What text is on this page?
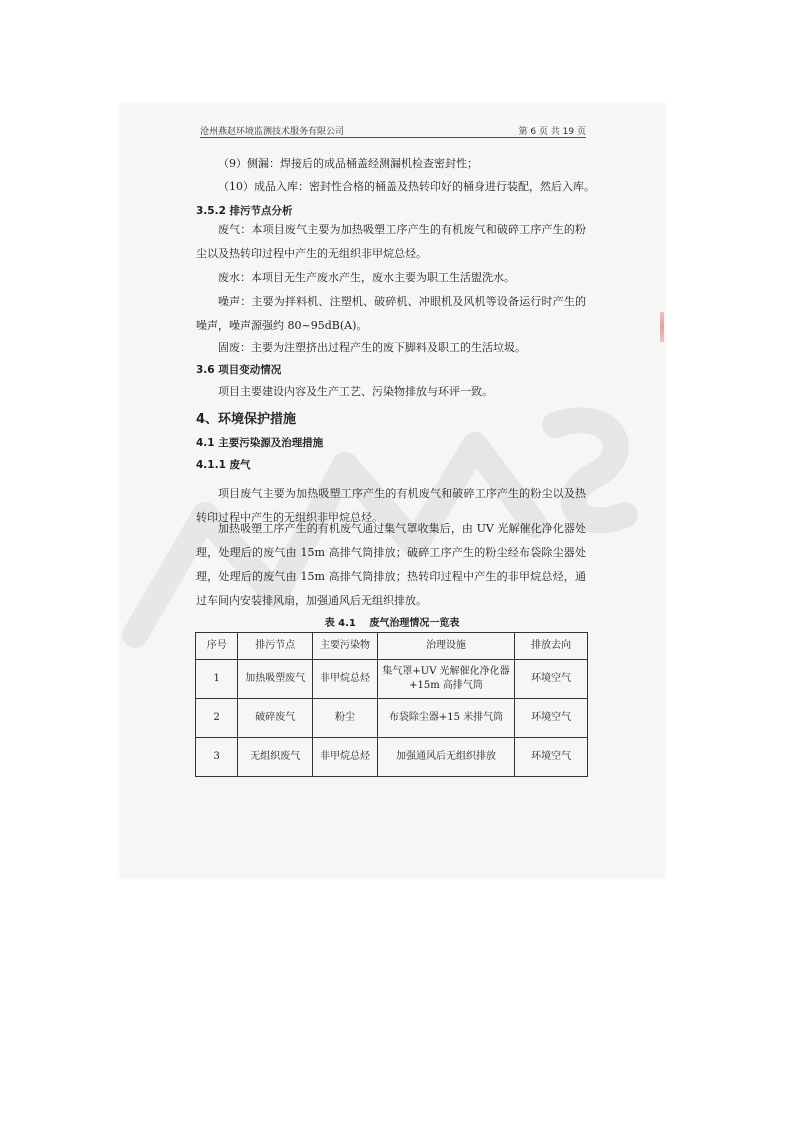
沧州燕赵环境监测技术服务有限公司	第 6 页 共 19 页
（9）侧漏：焊接后的成品桶盖经测漏机检查密封性；
（10）成品入库：密封性合格的桶盖及热转印好的桶身进行装配，然后入库。
3.5.2 排污节点分析
废气：本项目废气主要为加热吸塑工序产生的有机废气和破碎工序产生的粉尘以及热转印过程中产生的无组织非甲烷总烃。
废水：本项目无生产废水产生，废水主要为职工生活盥洗水。
噪声：主要为拌料机、注塑机、破碎机、冲眼机及风机等设备运行时产生的噪声，噪声源强约 80~95dB(A)。
固废：主要为注塑挤出过程产生的废下脚料及职工的生活垃圾。
3.6 项目变动情况
项目主要建设内容及生产工艺、污染物排放与环评一致。
4、环境保护措施
4.1 主要污染源及治理措施
4.1.1 废气
项目废气主要为加热吸塑工序产生的有机废气和破碎工序产生的粉尘以及热转印过程中产生的无组织非甲烷总烃。
加热吸塑工序产生的有机废气通过集气罩收集后，由 UV 光解催化净化器处理，处理后的废气由 15m 高排气筒排放；破碎工序产生的粉尘经布袋除尘器处理，处理后的废气由 15m 高排气筒排放；热转印过程中产生的非甲烷总烃，通过车间内安装排风扇，加强通风后无组织排放。
表 4.1　 废气治理情况一览表
序号	排污节点	主要污染物	治理设施	排放去向
1	加热吸塑废气	非甲烷总烃	集气罩+UV 光解催化净化器
+15m 高排气筒	环境空气
2	破碎废气	粉尘	布袋除尘器+15 米排气筒	环境空气
3	无组织废气	非甲烷总烃	加强通风后无组织排放	环境空气
